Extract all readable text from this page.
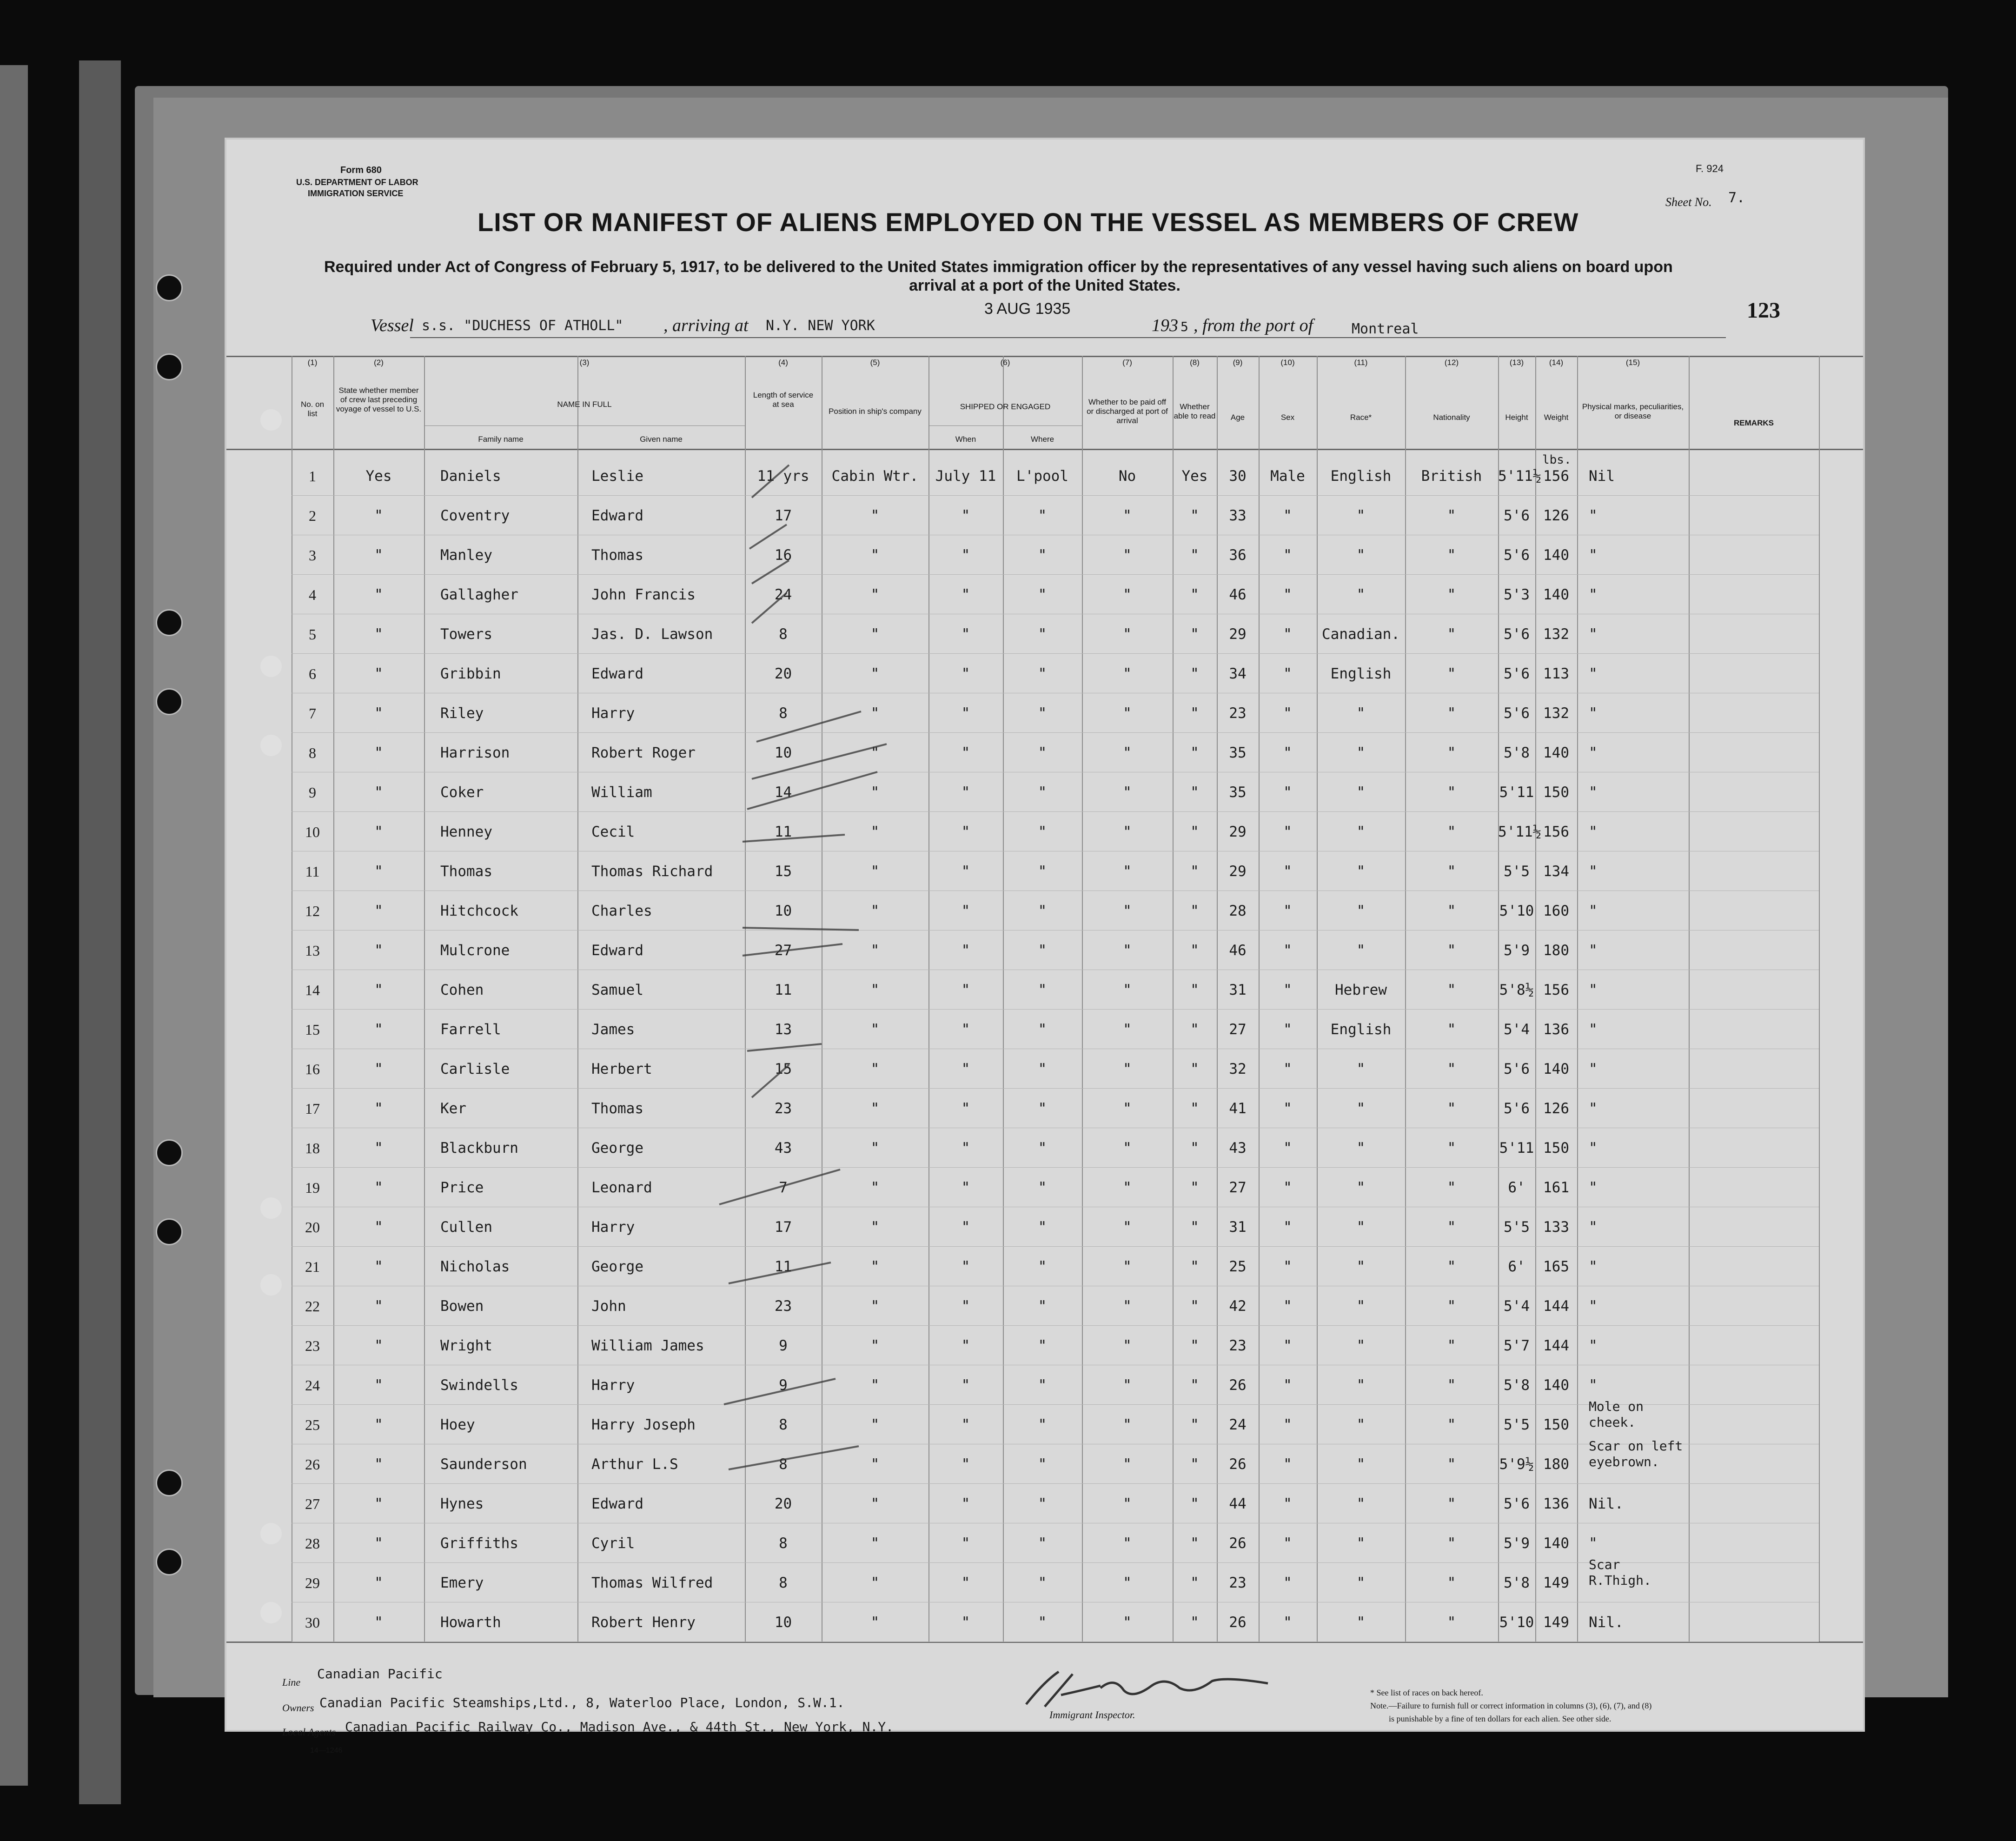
Form 680
U.S. DEPARTMENT OF LABOR
IMMIGRATION SERVICE
F. 924
Sheet No. 7.
123
LIST OR MANIFEST OF ALIENS EMPLOYED ON THE VESSEL AS MEMBERS OF CREW
Required under Act of Congress of February 5, 1917, to be delivered to the United States immigration officer by the representatives of any vessel having such aliens on board upon
arrival at a port of the United States.
Vessel s.s. "DUCHESS OF ATHOLL" , arriving at N.Y. NEW YORK
3 AUG 1935
193 5 , from the port of	Montreal
(1)
No. on list
(2)
State whether member of crew last preceding voyage of vessel to U.S.
(3)
NAME IN FULL
Family name	Given name
(4)
Length of service at sea
(5)
Position in ship's company
(6)
SHIPPED OR ENGAGED
When	Where
(7)
Whether to be paid off or discharged at port of arrival
(8)
Whether able to read
(9)
Age
(10)
Sex
(11)
Race*
(12)
Nationality
(13)
Height
(14)
Weight
(15)
Physical marks, peculiarities, or disease
REMARKS
1	Yes	Daniels	Leslie	11 yrs	Cabin Wtr.	July 11	L'pool	No	Yes	30	Male	English	British	5'11½ 156	Nil
lbs.
2	"	Coventry	Edward	17	"	"	"	"	"	33	"	"	"	5'6 126	"
3	"	Manley	Thomas	16	"	"	"	"	"	36	"	"	"	5'6 140	"
4	"	Gallagher	John Francis	24	"	"	"	"	"	46	"	"	"	5'3 140	"
5	"	Towers	Jas. D. Lawson	8	"	"	"	"	"	29	"	Canadian.	"	5'6 132	"
6	"	Gribbin	Edward	20	"	"	"	"	"	34	"	English	"	5'6 113	"
7	"	Riley	Harry	8	"	"	"	"	"	23	"	"	"	5'6 132	"
8	"	Harrison	Robert Roger	10	"	"	"	"	"	35	"	"	"	5'8 140	"
9	"	Coker	William	14	"	"	"	"	"	35	"	"	"	5'11 150	"
10	"	Henney	Cecil	11	"	"	"	"	"	29	"	"	"	5'11½ 156	"
11	"	Thomas	Thomas Richard	15	"	"	"	"	"	29	"	"	"	5'5 134	"
12	"	Hitchcock	Charles	10	"	"	"	"	"	28	"	"	"	5'10 160	"
13	"	Mulcrone	Edward	27	"	"	"	"	"	46	"	"	"	5'9 180	"
14	"	Cohen	Samuel	11	"	"	"	"	"	31	"	Hebrew	"	5'8½ 156	"
15	"	Farrell	James	13	"	"	"	"	"	27	"	English	"	5'4 136	"
16	"	Carlisle	Herbert	15	"	"	"	"	"	32	"	"	"	5'6 140	"
17	"	Ker	Thomas	23	"	"	"	"	"	41	"	"	"	5'6 126	"
18	"	Blackburn	George	43	"	"	"	"	"	43	"	"	"	5'11 150	"
19	"	Price	Leonard	7	"	"	"	"	"	27	"	"	"	6'	161	"
20	"	Cullen	Harry	17	"	"	"	"	"	31	"	"	"	5'5 133	"
21	"	Nicholas	George	11	"	"	"	"	"	25	"	"	"	6'	165	"
22	"	Bowen	John	23	"	"	"	"	"	42	"	"	"	5'4 144	"
23	"	Wright	William James	9	"	"	"	"	"	23	"	"	"	5'7 144	"
24	"	Swindells	Harry	9	"	"	"	"	"	26	"	"	"	5'8 140	"
25	"	Hoey	Harry Joseph	8	"	"	"	"	"	24	"	"	"	5'5 150
Mole on cheek.
26	"	Saunderson	Arthur L.S	8	"	"	"	"	"	26	"	"	"	5'9½ 180
Scar on left eyebrown.
27	"	Hynes	Edward	20	"	"	"	"	"	44	"	"	"	5'6 136	Nil.
28	"	Griffiths	Cyril	8	"	"	"	"	"	26	"	"	"	5'9 140	"
29	"	Emery	Thomas Wilfred	8	"	"	"	"	"	23	"	"	"	5'8 149
Scar R.Thigh.
30	"	Howarth	Robert Henry	10	"	"	"	"	"	26	"	"	"	5'10 149	Nil.
Line
Canadian Pacific
Owners Canadian Pacific Steamships,Ltd., 8, Waterloo Place, London, S.W.1.
Local Agents Canadian Pacific Railway Co., Madison Ave., & 44th St., New York, N.Y.
14—1246
Immigrant Inspector.
* See list of races on back hereof.
Note.—Failure to furnish full or correct information in columns (3), (6), (7), and (8)
is punishable by a fine of ten dollars for each alien. See other side.
